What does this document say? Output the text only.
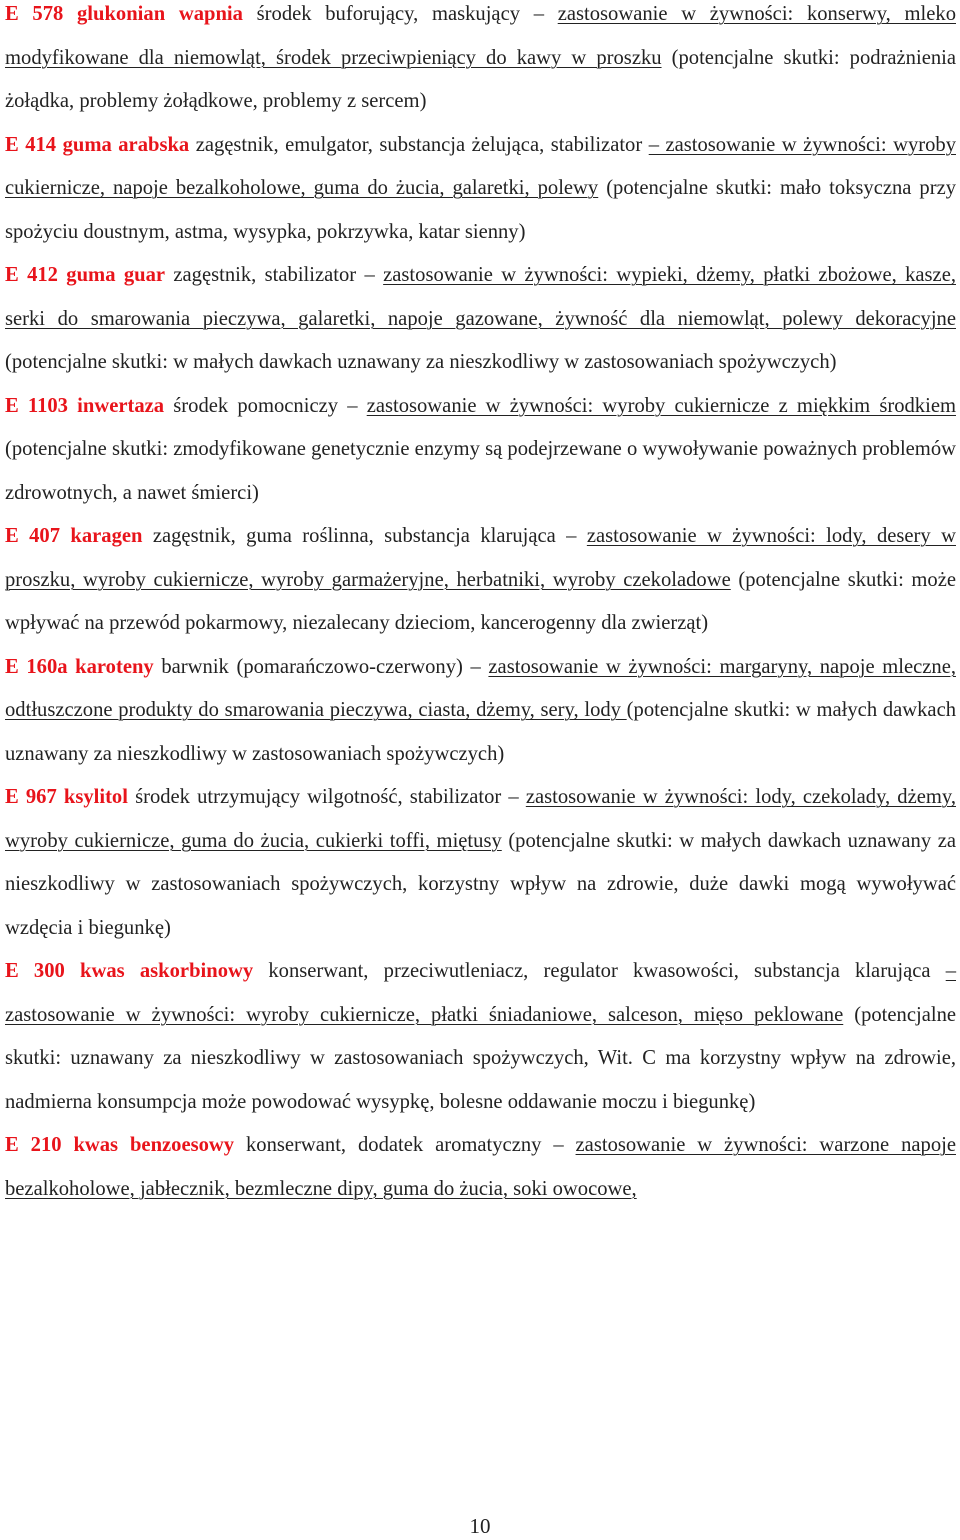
E 578 glukonian wapnia środek buforujący, maskujący – zastosowanie w żywności: konserwy, mleko modyfikowane dla niemowląt, środek przeciwpieniący do kawy w proszku (potencjalne skutki: podrażnienia żołądka, problemy żołądkowe, problemy z sercem)

E 414 guma arabska zagęstnik, emulgator, substancja żelująca, stabilizator – zastosowanie w żywności: wyroby cukiernicze, napoje bezalkoholowe, guma do żucia, galaretki, polewy (potencjalne skutki: mało toksyczna przy spożyciu doustnym, astma, wysypka, pokrzywka, katar sienny)

E 412 guma guar zagęstnik, stabilizator – zastosowanie w żywności: wypieki, dżemy, płatki zbożowe, kasze, serki do smarowania pieczywa, galaretki, napoje gazowane, żywność dla niemowląt, polewy dekoracyjne (potencjalne skutki: w małych dawkach uznawany za nieszkodliwy w zastosowaniach spożywczych)

E 1103 inwertaza środek pomocniczy – zastosowanie w żywności: wyroby cukiernicze z miękkim środkiem (potencjalne skutki: zmodyfikowane genetycznie enzymy są podejrzewane o wywoływanie poważnych problemów zdrowotnych, a nawet śmierci)

E 407 karagen zagęstnik, guma roślinna, substancja klarująca – zastosowanie w żywności: lody, desery w proszku, wyroby cukiernicze, wyroby garmażeryjne, herbatniki, wyroby czekoladowe (potencjalne skutki: może wpływać na przewód pokarmowy, niezalecany dzieciom, kancerogenny dla zwierząt)

E 160a karoteny barwnik (pomarańczowo-czerwony) – zastosowanie w żywności: margaryny, napoje mleczne, odtłuszczone produkty do smarowania pieczywa, ciasta, dżemy, sery, lody (potencjalne skutki: w małych dawkach uznawany za nieszkodliwy w zastosowaniach spożywczych)

E 967 ksylitol środek utrzymujący wilgotność, stabilizator – zastosowanie w żywności: lody, czekolady, dżemy, wyroby cukiernicze, guma do żucia, cukierki toffi, miętusy (potencjalne skutki: w małych dawkach uznawany za nieszkodliwy w zastosowaniach spożywczych, korzystny wpływ na zdrowie, duże dawki mogą wywoływać wzdęcia i biegunkę)

E 300 kwas askorbinowy konserwant, przeciwutleniacz, regulator kwasowości, substancja klarująca – zastosowanie w żywności: wyroby cukiernicze, płatki śniadaniowe, salceson, mięso peklowane (potencjalne skutki: uznawany za nieszkodliwy w zastosowaniach spożywczych, Wit. C ma korzystny wpływ na zdrowie, nadmierna konsumpcja może powodować wysypkę, bolesne oddawanie moczu i biegunkę)

E 210 kwas benzoesowy konserwant, dodatek aromatyczny – zastosowanie w żywności: warzone napoje bezalkoholowe, jabłecznik, bezmleczne dipy, guma do żucia, soki owocowe,

10
